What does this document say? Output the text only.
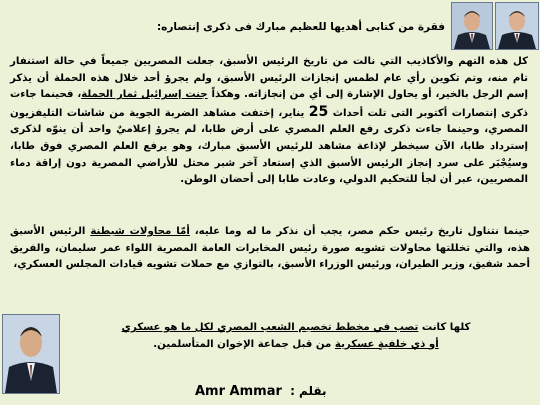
فقرة من كتابى أهديها للعظيم مبارك فى ذكرى إنتصاره:
كل هذه التهم والأكاذيب التي نالت من تاريخ الرئيس الأسبق، جعلت المصريين جميعاً في حالة استنفار تام منه، وتم تكوين رأي عام لطمس إنجازات الرئيس الأسبق، ولم يجرؤ أحد خلال هذه الحملة أن يذكر إسم الرجل بالخير، أو يحاول الإشارة إلى أي من إنجازاته. وهكذاً جنت إسرائيل ثمار الحملة، فحينما جاءت ذكرى إنتصارات أكتوبر التى تلت أحداث 25 يناير، إختفت مشاهد الضربة الجوية من شاشات التليفزيون المصري، وحينما جاءت ذكرى رفع العلم المصري على أرض طابا، لم يجرؤ إعلاميٌ واحد أن ينوّه لذكرى إسترداد طابا، الآن سيخطر لإذاعة مشاهد للرئيس الأسبق مبارك، وهو يرفع العلم المصري فوق طابا، وسيُجْبَر على سرد إنجاز الرئيس الأسبق الذي إستعاد آخر شبر محتل للأراضي المصرية دون إراقة دماء المصريين، عبر أن لجأ للتحكيم الدولي، وعادت طابا إلى أحضان الوطن.
حينما نتناول تاريخ رئيس حكم مصر، يجب أن نذكر ما له وما عليه، أمّا محاولات شيطنة الرئيس الأسبق هذه، والتي تخللتها محاولات تشويه صورة رئيس المخابرات العامة المصرية اللواء عمر سليمان، والفريق أحمد شفيق، وزير الطيران، ورئيس الوزراء الأسبق، بالتوازي مع حملات تشويه قيادات المجلس العسكري،
كلها كانت تصب في مخطط تخصيم الشعب المصري لكل ما هو عسكري
أو ذي خلفيةٍ عسكرية من قبل جماعة الإخوان المتأسلمين.
Amr Ammar بقلم :
